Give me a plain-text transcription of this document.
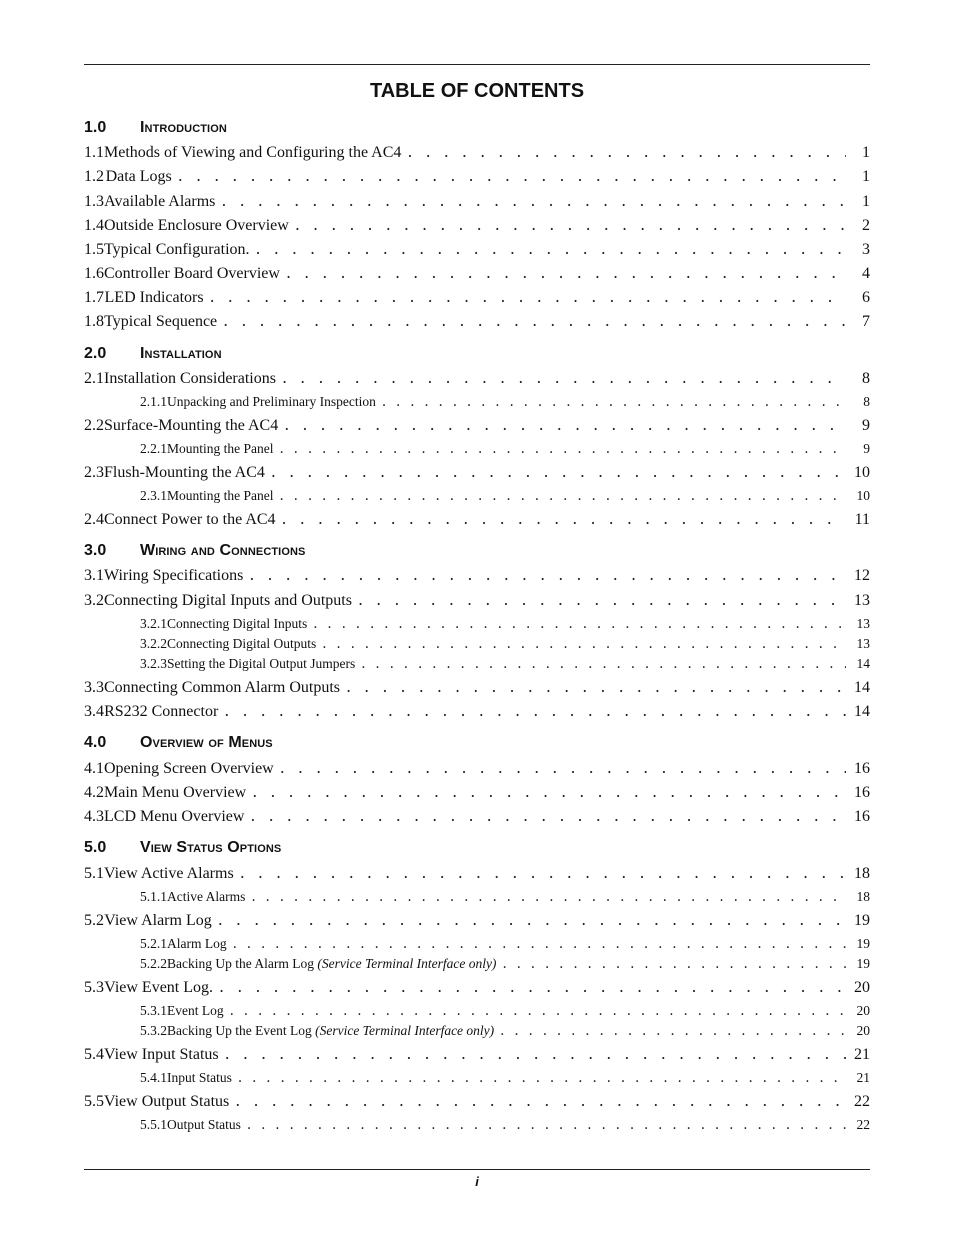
TABLE OF CONTENTS
1.0	Introduction
1.1 Methods of Viewing and Configuring the AC4 . . .	1
1.2 Data Logs . . .	1
1.3 Available Alarms . . .	1
1.4 Outside Enclosure Overview . . .	2
1.5 Typical Configuration. . . .	3
1.6 Controller Board Overview . . .	4
1.7 LED Indicators . . .	6
1.8 Typical Sequence . . .	7
2.0	Installation
2.1 Installation Considerations . . .	8
2.1.1 Unpacking and Preliminary Inspection . . .	8
2.2 Surface-Mounting the AC4 . . .	9
2.2.1 Mounting the Panel . . .	9
2.3 Flush-Mounting the AC4 . . .	10
2.3.1 Mounting the Panel . . .	10
2.4 Connect Power to the AC4 . . .	11
3.0	Wiring and Connections
3.1 Wiring Specifications . . .	12
3.2 Connecting Digital Inputs and Outputs . . .	13
3.2.1 Connecting Digital Inputs . . .	13
3.2.2 Connecting Digital Outputs . . .	13
3.2.3 Setting the Digital Output Jumpers . . .	14
3.3 Connecting Common Alarm Outputs . . .	14
3.4 RS232 Connector . . .	14
4.0	Overview of Menus
4.1 Opening Screen Overview . . .	16
4.2 Main Menu Overview . . .	16
4.3 LCD Menu Overview . . .	16
5.0	View Status Options
5.1 View Active Alarms . . .	18
5.1.1 Active Alarms . . .	18
5.2 View Alarm Log . . .	19
5.2.1 Alarm Log . . .	19
5.2.2 Backing Up the Alarm Log (Service Terminal Interface only) . . .	19
5.3 View Event Log. . . .	20
5.3.1 Event Log . . .	20
5.3.2 Backing Up the Event Log (Service Terminal Interface only) . . .	20
5.4 View Input Status . . .	21
5.4.1 Input Status . . .	21
5.5 View Output Status . . .	22
5.5.1 Output Status . . .	22
i
